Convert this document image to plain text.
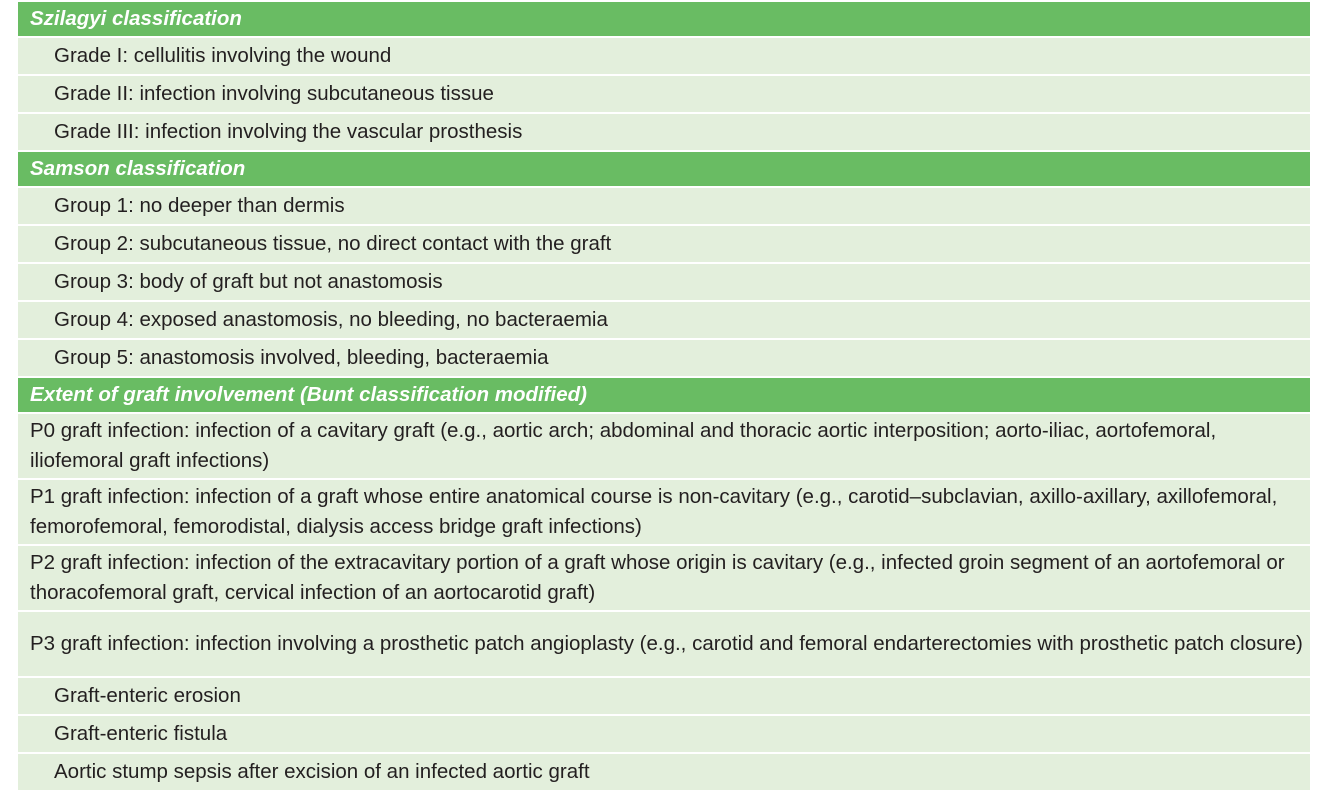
Szilagyi classification
Grade I: cellulitis involving the wound
Grade II: infection involving subcutaneous tissue
Grade III: infection involving the vascular prosthesis
Samson classification
Group 1: no deeper than dermis
Group 2: subcutaneous tissue, no direct contact with the graft
Group 3: body of graft but not anastomosis
Group 4: exposed anastomosis, no bleeding, no bacteraemia
Group 5: anastomosis involved, bleeding, bacteraemia
Extent of graft involvement (Bunt classification modified)
P0 graft infection: infection of a cavitary graft (e.g., aortic arch; abdominal and thoracic aortic interposition; aorto-iliac, aortofemoral, iliofemoral graft infections)
P1 graft infection: infection of a graft whose entire anatomical course is non-cavitary (e.g., carotid–subclavian, axillo-axillary, axillofemoral, femorofemoral, femorodistal, dialysis access bridge graft infections)
P2 graft infection: infection of the extracavitary portion of a graft whose origin is cavitary (e.g., infected groin segment of an aortofemoral or thoracofemoral graft, cervical infection of an aortocarotid graft)
P3 graft infection: infection involving a prosthetic patch angioplasty (e.g., carotid and femoral endarterectomies with prosthetic patch closure)
Graft-enteric erosion
Graft-enteric fistula
Aortic stump sepsis after excision of an infected aortic graft
